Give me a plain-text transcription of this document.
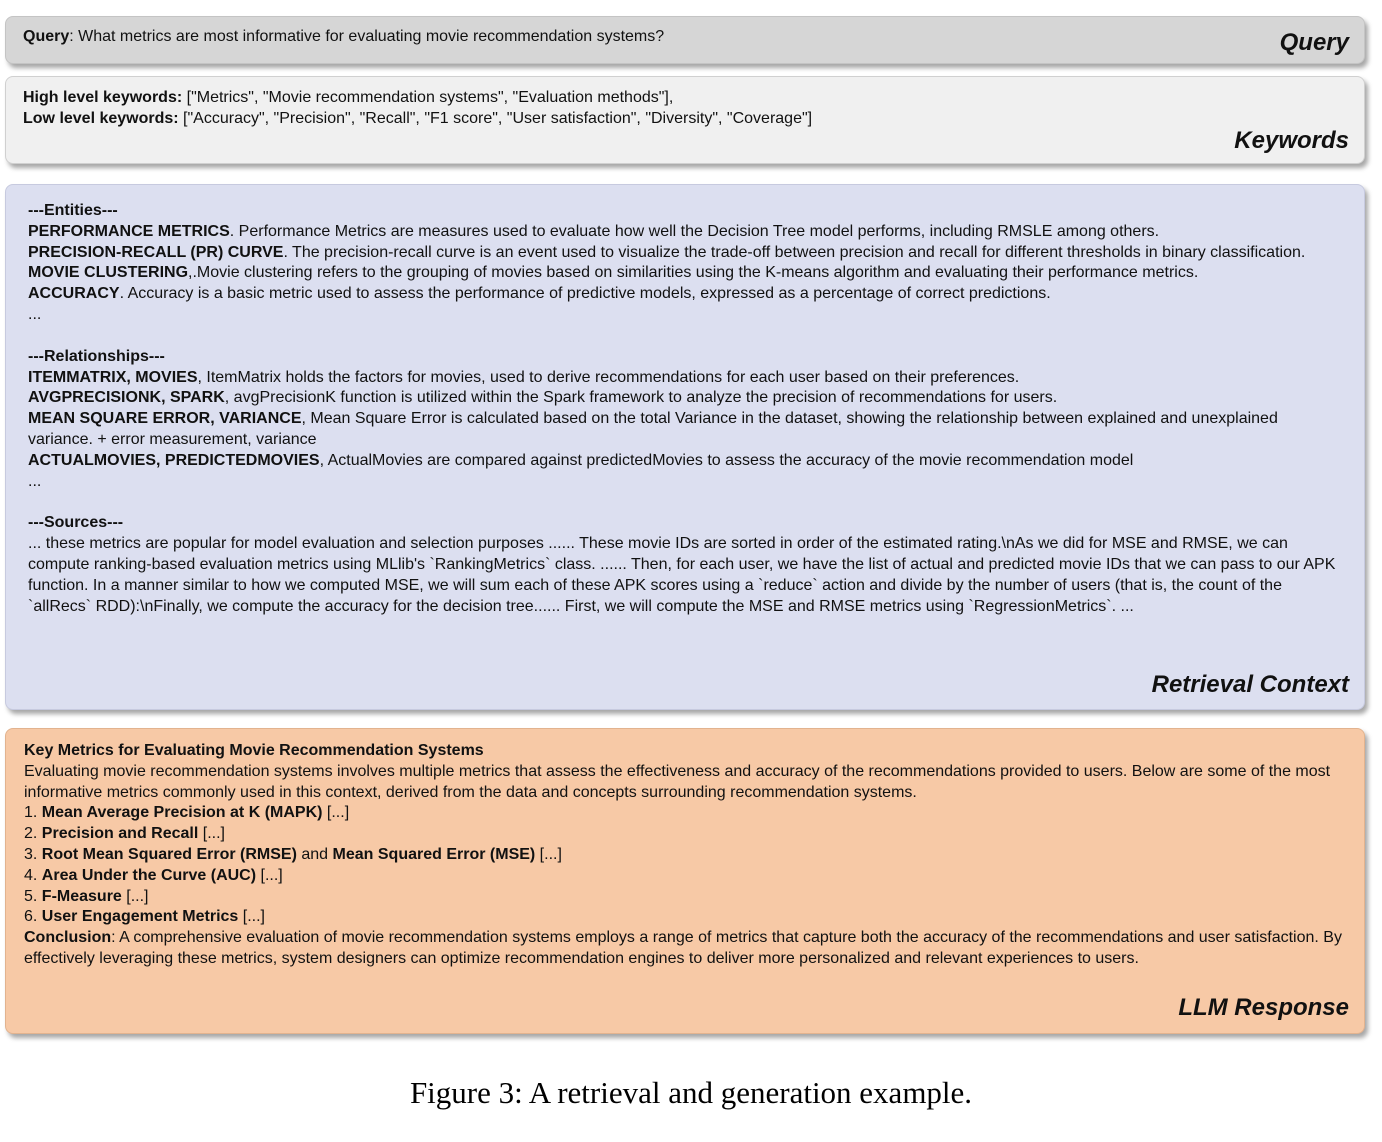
Query: What metrics are most informative for evaluating movie recommendation systems?	Query
High level keywords: ["Metrics", "Movie recommendation systems", "Evaluation methods"],
Low level keywords: ["Accuracy", "Precision", "Recall", "F1 score", "User satisfaction", "Diversity", "Coverage"]
Keywords
---Entities---
PERFORMANCE METRICS. Performance Metrics are measures used to evaluate how well the Decision Tree model performs, including RMSLE among others.
PRECISION-RECALL (PR) CURVE. The precision-recall curve is an event used to visualize the trade-off between precision and recall for different thresholds in binary classification.
MOVIE CLUSTERING,.Movie clustering refers to the grouping of movies based on similarities using the K-means algorithm and evaluating their performance metrics.
ACCURACY. Accuracy is a basic metric used to assess the performance of predictive models, expressed as a percentage of correct predictions.
...
---Relationships---
ITEMMATRIX, MOVIES, ItemMatrix holds the factors for movies, used to derive recommendations for each user based on their preferences.
AVGPRECISIONK, SPARK, avgPrecisionK function is utilized within the Spark framework to analyze the precision of recommendations for users.
MEAN SQUARE ERROR, VARIANCE, Mean Square Error is calculated based on the total Variance in the dataset, showing the relationship between explained and unexplained variance. + error measurement, variance
ACTUALMOVIES, PREDICTEDMOVIES, ActualMovies are compared against predictedMovies to assess the accuracy of the movie recommendation model
...
---Sources---
... these metrics are popular for model evaluation and selection purposes ...... These movie IDs are sorted in order of the estimated rating.\nAs we did for MSE and RMSE, we can compute ranking-based evaluation metrics using MLlib's `RankingMetrics` class. ...... Then, for each user, we have the list of actual and predicted movie IDs that we can pass to our APK function. In a manner similar to how we computed MSE, we will sum each of these APK scores using a `reduce` action and divide by the number of users (that is, the count of the `allRecs` RDD):\nFinally, we compute the accuracy for the decision tree...... First, we will compute the MSE and RMSE metrics using `RegressionMetrics`. ...
Retrieval Context
Key Metrics for Evaluating Movie Recommendation Systems
Evaluating movie recommendation systems involves multiple metrics that assess the effectiveness and accuracy of the recommendations provided to users. Below are some of the most informative metrics commonly used in this context, derived from the data and concepts surrounding recommendation systems.
1. Mean Average Precision at K (MAPK) [...]
2. Precision and Recall [...]
3. Root Mean Squared Error (RMSE) and Mean Squared Error (MSE) [...]
4. Area Under the Curve (AUC) [...]
5. F-Measure [...]
6. User Engagement Metrics [...]
Conclusion: A comprehensive evaluation of movie recommendation systems employs a range of metrics that capture both the accuracy of the recommendations and user satisfaction. By effectively leveraging these metrics, system designers can optimize recommendation engines to deliver more personalized and relevant experiences to users.
LLM Response
Figure 3: A retrieval and generation example.
